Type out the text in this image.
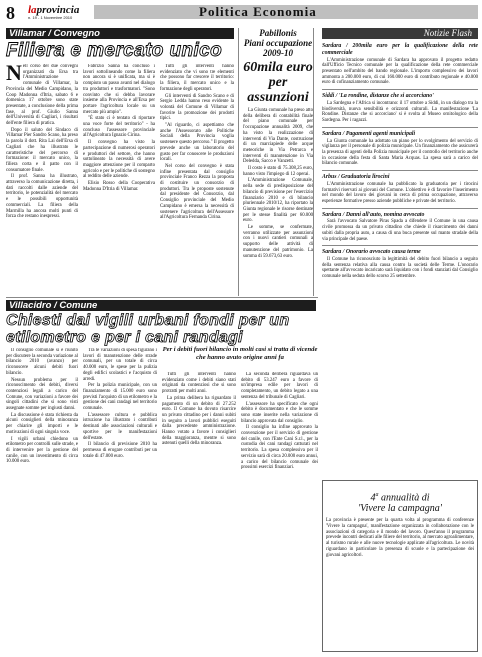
8 laprovincia
n. 19 - 1 Novembre 2010	Politica Economia
Villamar / Convegno
Filiera e mercato unico
N ell corso del due convegni organizzati da Ersa tra l'Amministrazione comunale di Villamar, la Provincia del Medio Campidano, la Coop Madonna d'Itria, sabato 6 e domenica 17 ottobre sono state presentate, a conclusione della prima fase, al prof. Giulio Sanna dell'Università di Cagliari, i risultati dell'ente filiera di pratica.

Dopo il saluto del Sindaco di Villamar Pier Sandro Scano, ha preso la parola il dott. Rita Lai dell'Ersa di Cagliari che ha illustrato le caratteristiche del percorso di formazione: il mercato unico, la filiera corta e il patto con il consumatore finale.

Il prof. Sanna ha illustrato, attraverso la comunicazione diretta, i dati raccolti dalle aziende del territorio, le potenzialità del mercato e le possibili opportunità commerciali. La filiera della Marmilla ha ancora molti punti di forza che restano inespressi.

Fabrizio Sanna ha concluso i lavori sottolineando come la filiera non ancora si è unificata, ma si è compiuto un passo avanti nel dialogo tra produttori e trasformatori. "Sono convinto che si debba lavorare insieme alla Provincia e all'Ersa per portare l'agricoltura locale su un mercato più ampio".

"È stato ci è tentato di riportare una voce forte del territorio" - ha concluso l'assessore provinciale all'Agricoltura Ignazio Cirina.

Il convegno ha visto la partecipazione di numerosi operatori e produttori del settore, che hanno sottolineato la necessità di avere maggiore attenzione per il comparto agricolo e per le politiche di sostegno al reddito delle aziende.

Elisio Rosso della Cooperativa Madonna D'Itria di Villamar.

Tutti gli interventi hanno evidenziato che vi sono tre elementi che possono far crescere il territorio: la filiera, il mercato unico e la formazione degli operatori.

Gli interventi di Sandro Scano e di Sergio Ledda hanno reso evidente la volontà del Comune di Villamar di favorire la promozione dei prodotti tipici.

"Al riguardo, ci aspettiamo che anche l'Assessorato alle Politiche Sociali della Provincia voglia sostenere questo percorso." Il progetto prevede anche un laboratorio del gusto per far conoscere le produzioni locali.

Nel corso del convegno è stata infine presentata dal consiglio provinciale Franco Rezza la proposta di costituire un consorzio di produttori. Tra le proposte sostenute dal presidente del Consorzio, dal Consiglio provinciale del Medio Campidano è emersa la necessità di sostenere l'agricoltura dell'Assessore all'Agricoltura Fernanda Cirina.

Pabillonis
Piani occupazione 2009-10
60mila euro per assunzioni

La Giunta comunale ha preso atto della delibera di contabilità finale del piano comunale per l'occupazione annualità 2009, che ha visto la realizzazione di interventi di Via Dante, costruzione di un marciapiede delle acque meteoriche in Via Petrarca e interventi di manutenzione in Via Deledda, Sacco e Vanzetti.

Il costo è stato di 75.308,25 euro, hanno visto l'impiego di 12 operai.

L'Amministrazione Comunale, nella sede di predisposizione del bilancio di previsione per l'esercizio finanziario 2010 e di bilancio pluriennale 2010/12, ha riportato la Giunta regionale le risorse destinate per le stesse finalità per 60.000 euro.

Le somme, se confermate, verranno utilizzate per assunzioni con i nuovi cantieri comunali a supporto delle attività di manutenzione del patrimonio. La somma di 59.673,63 euro.

Notizie Flash
Sardara / 200mila euro per la qualificazione della rete commerciale

L'Amministrazione comunale di Sardara ha approvato il progetto redatto dall'Ufficio Tecnico comunale per la qualificazione della rete commerciale presentato nell'ambito del bando regionale. L'importo complessivo dei lavori ammonta a 200.000 euro, di cui 160.000 euro di contributo regionale e 40.000 euro di cofinanziamento comunale.

Siddi / 'La rondine, distanze che si accorciano'

La Sardegna e l'Africa si incontrano: il 17 ottobre a Siddi, in un dialogo tra la biodiversità, nuova sensibilità e orizzonti culturali. La manifestazione 'La Rondine. Distanze che si accorciano' si è svolta al Museo ornitologico della Sardegna. Per i ragazzi.

Sardara / Pagamenti agenti municipali

La Giunta comunale ha adottato un piano per lo svolgimento del servizio di vigilanza per il personale di polizia municipale. Un finanziamento che assicurerà la presenza di agenti della Polizia municipale per il controllo del territorio anche in occasione della festa di Santa Maria Acquas. La spesa sarà a carico del bilancio comunale.

Arbus / Graduatoria lirocini

L'Amministrazione comunale ha pubblicato la graduatoria per i tirocini formativi riservati ai giovani del Comune. L'obiettivo è di favorire l'inserimento nel mondo del lavoro dei giovani in cerca di prima occupazione, attraverso esperienze formative presso aziende pubbliche e private del territorio.

Sardara / Danni all'auto, nomina avvocato

Sarà l'avvocato Salvatore Piras Spada a difendere il Comune in una causa civile promossa da un privato cittadino che chiede il risarcimento dei danni subiti dalla propria auto, a causa di una buca presente sul manto stradale della via principale del paese.

Sardara / Onorario avvocato causa terme

Il Comune ha riconosciuto la legittimità del debito fuori bilancio a seguito della sentenza relativa alla causa contro la società delle Terme. L'onorario spettante all'avvocato incaricato sarà liquidato con i fondi stanziati dal Consiglio comunale nella seduta dello scorso 25 settembre.

4$^a$ annualità di
'Vivere la campagna'
La provincia è presente per la quarta volta al programma di conferenze 'Vivere la campagna', manifestazione organizzata in collaborazione con le associazioni di categoria e il mondo del lavoro. Quest'anno il programma prevede incontri dedicati alle filiere del territorio, al mercato agroalimentare, al turismo rurale e alle nuove tecnologie applicate all'agricoltura. Le novità riguardano in particolare la presenza di scuole e la partecipazione dei giovani agricoltori.
Villacidro / Comune
Chiesti dai vigili urbani fondi per un etilometro e per i cani randagi
Per i debiti fuori bilancio in molti casi si tratta di vicende che hanno avuto origine anni fa

Il consiglio comunale si è riunito per discutere la seconda variazione al bilancio 2010 (avanzo) per riconoscere alcuni debiti fuori bilancio.

Nessun problema per il riconoscimento dei debiti, diversi contenziosi legali a carico del Comune, con variazioni a favore dei singoli cittadini che si sono visti assegnate somme per ingiusti danni.

La discussione è stata richiesta da alcuni consiglieri della minoranza per chiarire gli importi e le motivazioni di ogni singola voce.

I vigili urbani chiedono un etilometro per controlli sulle strade, e di intervenire per la gestione del canile, con un investimento di circa 10.000 euro.

Tra le variazioni di spesa figurano i lavori di manutenzione delle strade comunali, per un totale di circa 40.000 euro, le spese per la pulizia degli edifici scolastici e l'acquisto di arredi.

Per la polizia municipale, con un finanziamento di 15.000 euro sono previsti l'acquisto di un etilometro e la gestione dei cani randagi nel territorio comunale.

L'assessore cultura e pubblica istruzione ha illustrato i contributi destinati alle associazioni culturali e sportive per le manifestazioni dell'estate.

Il bilancio di previsione 2010 ha permesso di erogare contributi per un totale di 47.000 euro.

Tutti gli interventi hanno evidenziato come i debiti siano stati originati da contenziosi che si sono protratti per molti anni.

La prima delibera ha riguardato il pagamento di un debito di 27.252 euro. Il Comune ha dovuto risarcire un privato cittadino per i danni subiti in seguito a lavori pubblici eseguiti dalla precedente amministrazione. Hanno votato a favore i consiglieri della maggioranza, mentre si sono astenuti quelli della minoranza.

La seconda delibera riguardava un debito di 53.247 euro a favore di un'impresa edile per lavori di completamento, un debito legato a una sentenza del tribunale di Cagliari.

L'assessore ha specificato che ogni debito è documentato e che le somme sono state inserite nella variazione di bilancio approvata dal consiglio.

Il consiglio ha infine approvato la convenzione per il servizio di gestione del canile, con l'Ente Cani S.r.l., per la custodia dei cani randagi catturati nel territorio. La spesa complessiva per il servizio sarà di circa 20.000 euro annui, a carico del bilancio comunale dei prossimi esercizi finanziari.
